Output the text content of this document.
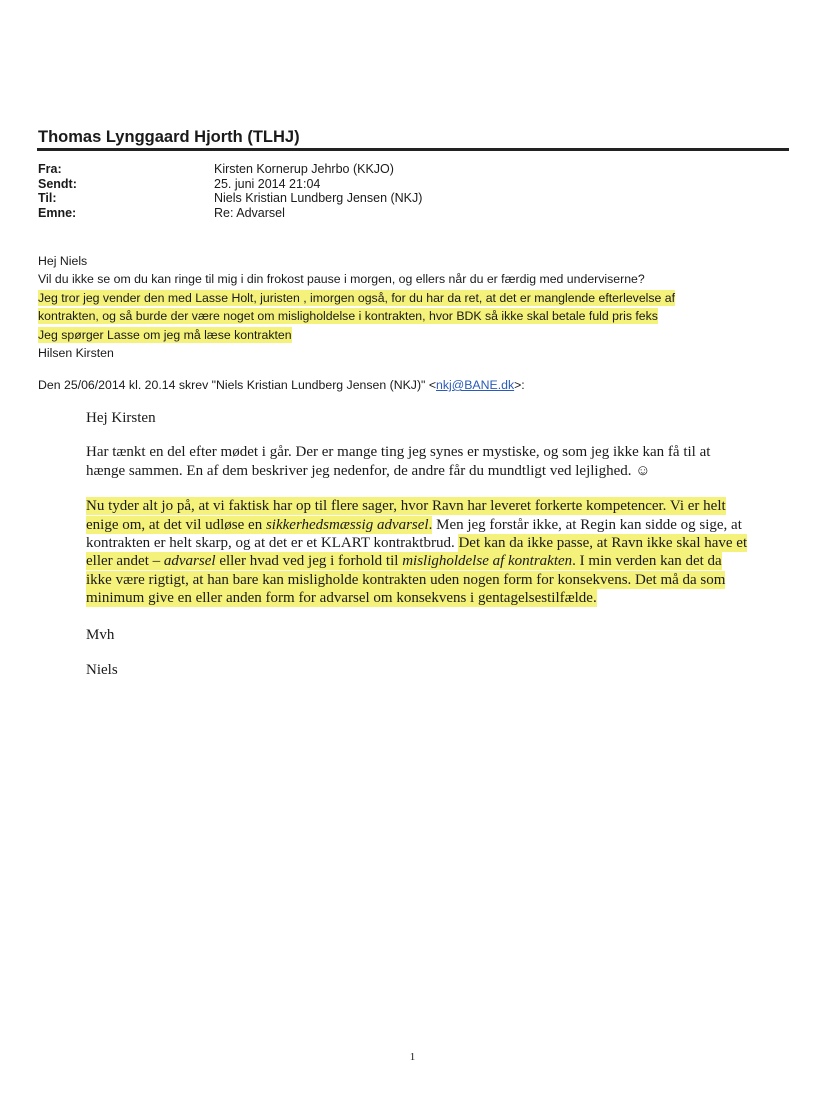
Thomas Lynggaard Hjorth (TLHJ)
Fra:	Kirsten Kornerup Jehrbo (KKJO)
Sendt:	25. juni 2014 21:04
Til:	Niels Kristian Lundberg Jensen (NKJ)
Emne:	Re: Advarsel

Hej Niels

Vil du ikke se om du kan ringe til mig i din frokost pause i morgen, og ellers når du er færdig med underviserne?

Jeg tror jeg vender den med Lasse Holt, juristen , imorgen også, for du har da ret, at det er manglende efterlevelse af

kontrakten, og så burde der være noget om misligholdelse i kontrakten, hvor BDK så ikke skal betale fuld pris feks

Jeg spørger Lasse om jeg må læse kontrakten

Hilsen Kirsten

Den 25/06/2014 kl. 20.14 skrev "Niels Kristian Lundberg Jensen (NKJ)" <nkj@BANE.dk>:

Hej Kirsten

Har tænkt en del efter mødet i går. Der er mange ting jeg synes er mystiske, og som jeg ikke kan få til at hænge sammen. En af dem beskriver jeg nedenfor, de andre får du mundtligt ved lejlighed. ☺

Nu tyder alt jo på, at vi faktisk har op til flere sager, hvor Ravn har leveret forkerte kompetencer. Vi er helt enige om, at det vil udløse en sikkerhedsmæssig advarsel. Men jeg forstår ikke, at Regin kan sidde og sige, at kontrakten er helt skarp, og at det er et KLART kontraktbrud. Det kan da ikke passe, at Ravn ikke skal have et eller andet – advarsel eller hvad ved jeg i forhold til misligholdelse af kontrakten. I min verden kan det da ikke være rigtigt, at han bare kan misligholde kontrakten uden nogen form for konsekvens. Det må da som minimum give en eller anden form for advarsel om konsekvens i gentagelsestilfælde.

Mvh

Niels

1
